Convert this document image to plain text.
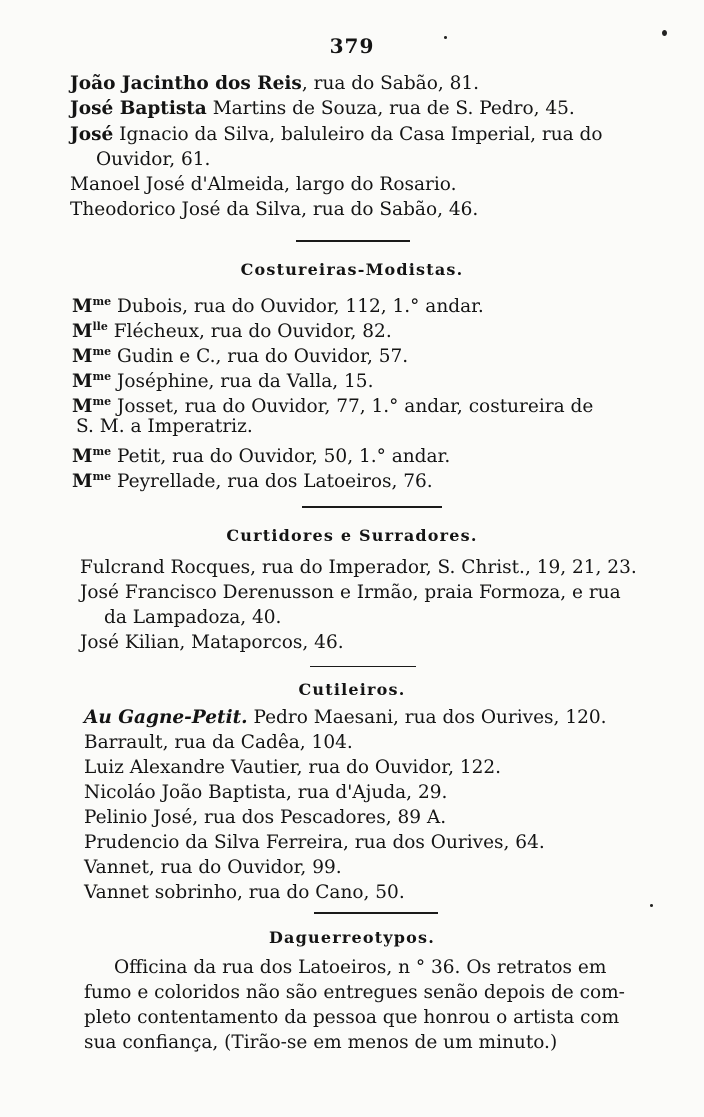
379
João Jacintho dos Reis, rua do Sabão, 81.
José Baptista Martins de Souza, rua de S. Pedro, 45.
José Ignacio da Silva, baluleiro da Casa Imperial, rua do
Ouvidor, 61.
Manoel José d'Almeida, largo do Rosario.
Theodorico José da Silva, rua do Sabão, 46.
Costureiras-Modistas.
$M^{me}$ Dubois, rua do Ouvidor, 112, 1.° andar.
$M^{lle}$ Flécheux, rua do Ouvidor, 82.
$M^{me}$ Gudin e C., rua do Ouvidor, 57.
$M^{me}$ Joséphine, rua da Valla, 15.
$M^{me}$ Josset, rua do Ouvidor, 77, 1.° andar, costureira de
S. M. a Imperatriz.
$M^{me}$ Petit, rua do Ouvidor, 50, 1.° andar.
$M^{me}$ Peyrellade, rua dos Latoeiros, 76.
Curtidores e Surradores.
Fulcrand Rocques, rua do Imperador, S. Christ., 19, 21, 23.
José Francisco Derenusson e Irmão, praia Formoza, e rua
da Lampadoza, 40.
José Kilian, Mataporcos, 46.
Cutileiros.
Au Gagne-Petit. Pedro Maesani, rua dos Ourives, 120.
Barrault, rua da Cadêa, 104.
Luiz Alexandre Vautier, rua do Ouvidor, 122.
Nicoláo João Baptista, rua d'Ajuda, 29.
Pelinio José, rua dos Pescadores, 89 A.
Prudencio da Silva Ferreira, rua dos Ourives, 64.
Vannet, rua do Ouvidor, 99.
Vannet sobrinho, rua do Cano, 50.
Daguerreotypos.
Officina da rua dos Latoeiros, n ° 36. Os retratos em
fumo e coloridos não são entregues senão depois de com-
pleto contentamento da pessoa que honrou o artista com
sua confiança, (Tirão-se em menos de um minuto.)
